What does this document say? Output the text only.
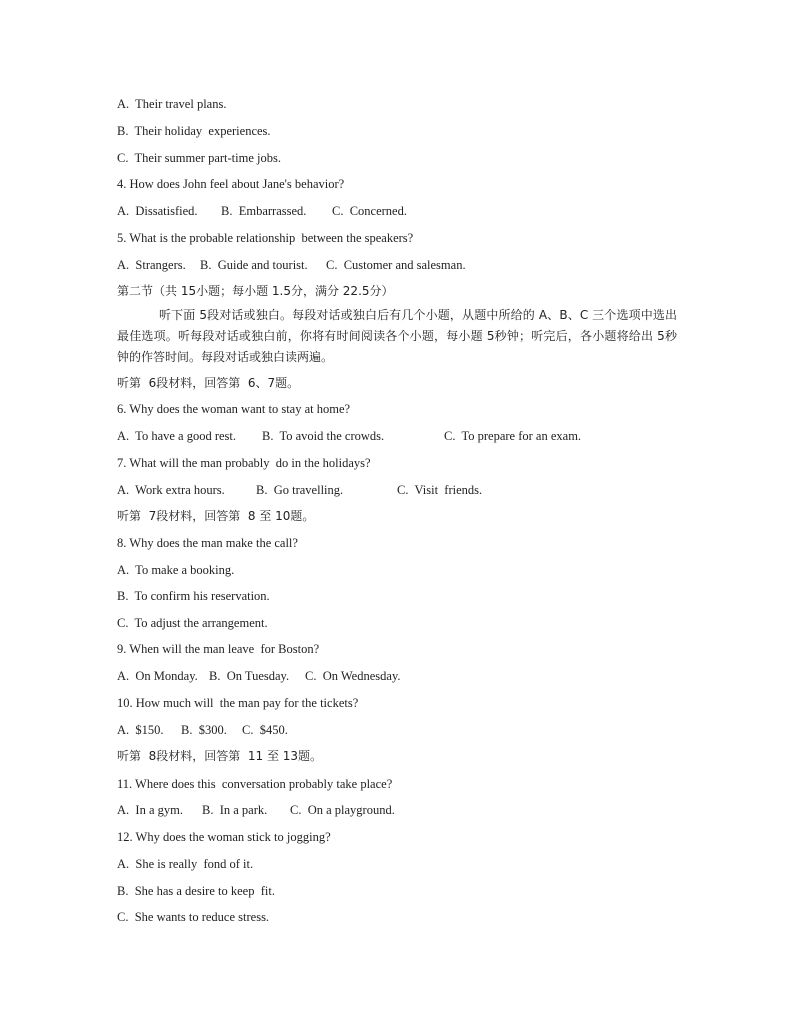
A.  Their travel plans.
B.  Their holiday  experiences.
C.  Their summer part-time jobs.
4. How does John feel about Jane's behavior?
A.  Dissatisfied. B.  Embarrassed. C.  Concerned.
5. What is the probable relationship  between the speakers?
A.  Strangers. B.  Guide and tourist. C.  Customer and salesman.
第二节（共 15小题；每小题 1.5分，满分 22.5分）
听下面 5段对话或独白。每段对话或独白后有几个小题，从题中所给的 A、B、C 三个选项中选出最佳选项。听每段对话或独白前，你将有时间阅读各个小题，每小题 5秒钟；听完后，各小题将给出 5秒钟的作答时间。每段对话或独白读两遍。
听第  6段材料，回答第  6、7题。
6. Why does the woman want to stay at home?
A.  To have a good rest. B.  To avoid the crowds.	C.  To prepare for an exam.
7. What will the man probably  do in the holidays?
A.  Work extra hours. B.  Go travelling.	C.  Visit  friends.
听第  7段材料，回答第  8 至 10题。
8. Why does the man make the call?
A.  To make a booking.
B.  To confirm his reservation.
C.  To adjust the arrangement.
9. When will the man leave  for Boston?
A.  On Monday. B.  On Tuesday. C.  On Wednesday.
10. How much will  the man pay for the tickets?
A.  $150. B.  $300. C.  $450.
听第  8段材料，回答第  11 至 13题。
11. Where does this  conversation probably take place?
A.  In a gym. B.  In a park. C.  On a playground.
12. Why does the woman stick to jogging?
A.  She is really  fond of it.
B.  She has a desire to keep  fit.
C.  She wants to reduce stress.
